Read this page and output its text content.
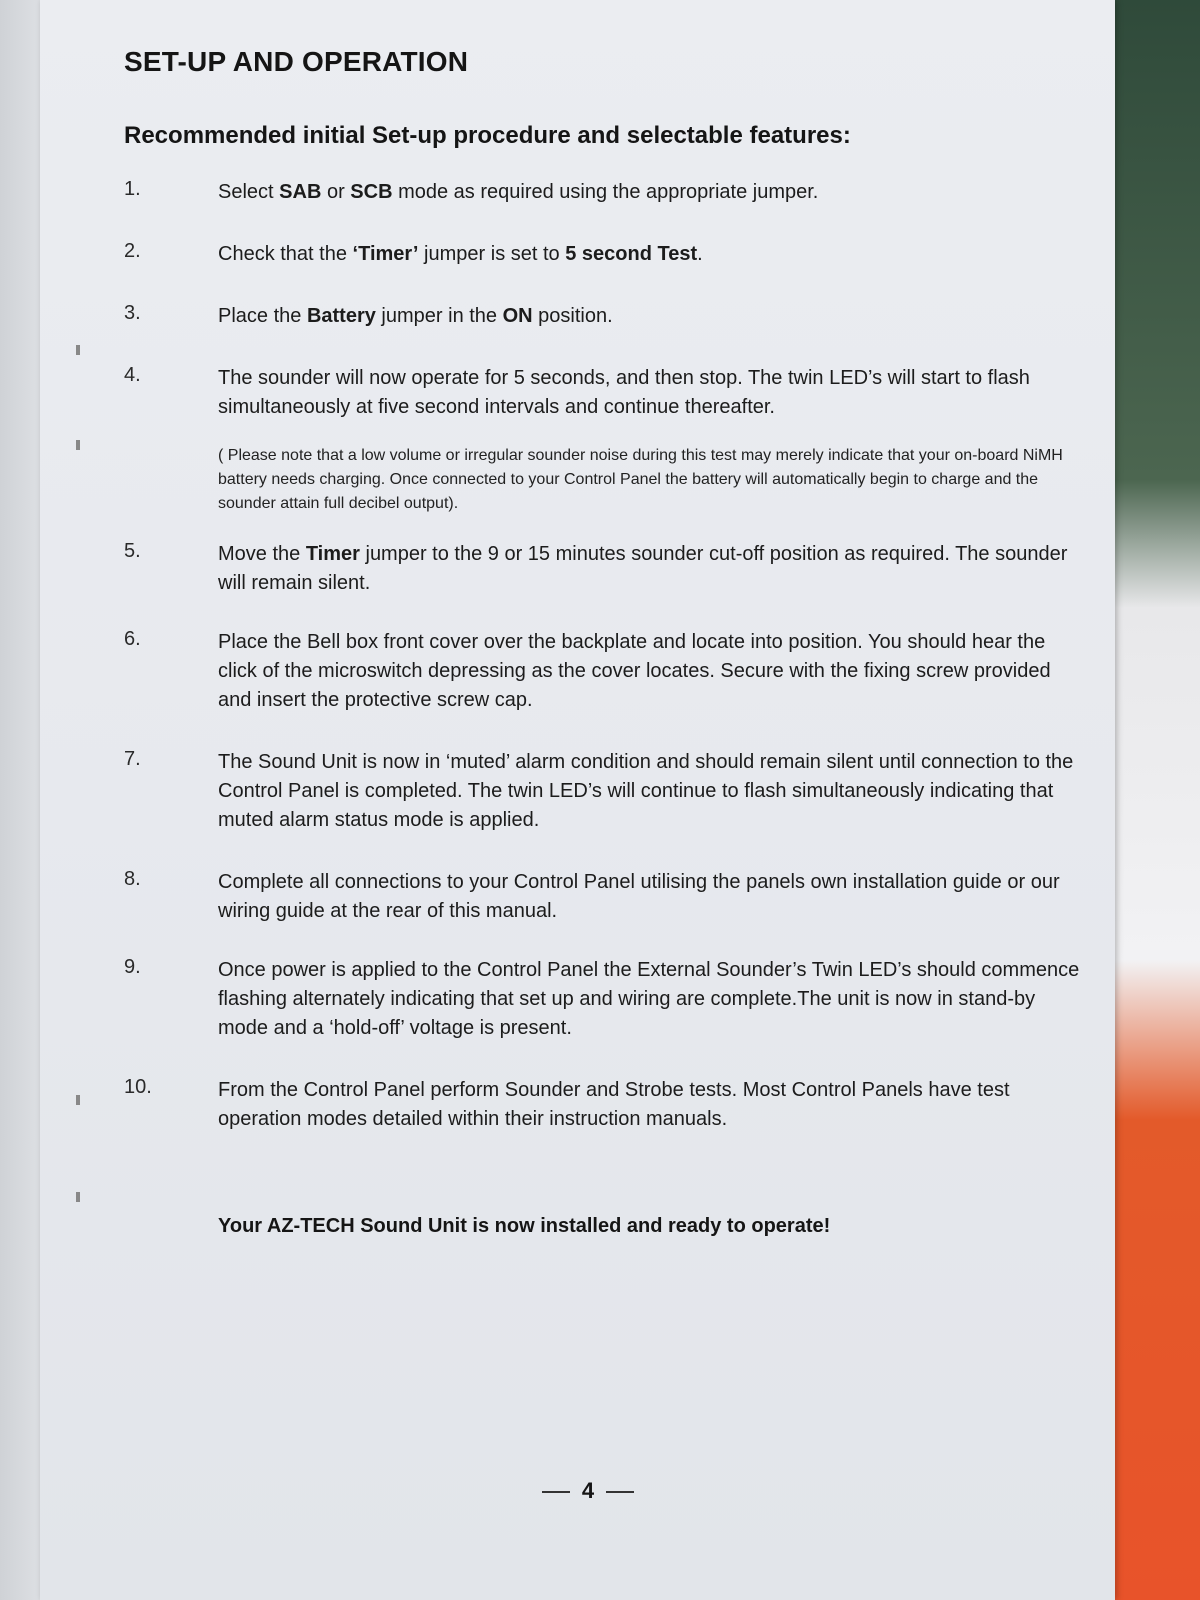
SET-UP AND OPERATION
Recommended initial Set-up procedure and selectable features:
1.	Select SAB or SCB mode as required using the appropriate jumper.
2.	Check that the ‘Timer’ jumper is set to 5 second Test.
3.	Place the Battery jumper in the ON position.
4.	The sounder will now operate for 5 seconds, and then stop. The twin LED’s will start to flash simultaneously at five second intervals and continue thereafter.
( Please note that a low volume or irregular sounder noise during this test may merely indicate that your on-board NiMH battery needs charging. Once connected to your Control Panel the battery will automatically begin to charge and the sounder attain full decibel output).
5.	Move the Timer jumper to the 9 or 15 minutes sounder cut-off position as required. The sounder will remain silent.
6.	Place the Bell box front cover over the backplate and locate into position. You should hear the click of the microswitch depressing as the cover locates. Secure with the fixing screw provided and insert the protective screw cap.
7.	The Sound Unit is now in ‘muted’ alarm condition and should remain silent until connection to the Control Panel is completed. The twin LED’s will continue to flash simultaneously indicating that muted alarm status mode is applied.
8.	Complete all connections to your Control Panel utilising the panels own installation guide or our wiring guide at the rear of this manual.
9.	Once power is applied to the Control Panel the External Sounder’s Twin LED’s should commence flashing alternately indicating that set up and wiring are complete.The unit is now in stand-by mode and a ‘hold-off’ voltage is present.
10.	From the Control Panel perform Sounder and Strobe tests. Most Control Panels have test operation modes detailed within their instruction manuals.
Your AZ-TECH Sound Unit is now installed and ready to operate!
4
